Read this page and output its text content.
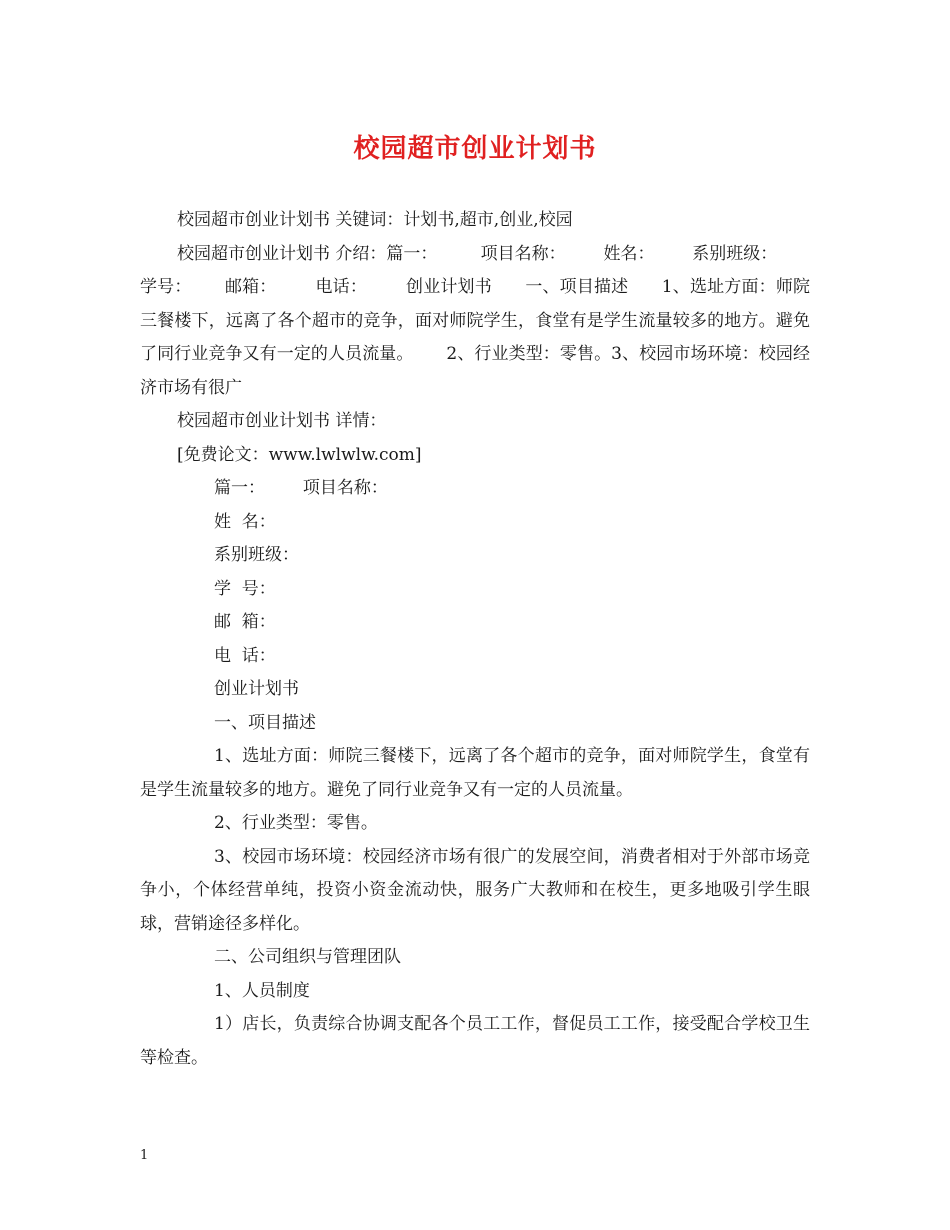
校园超市创业计划书

校园超市创业计划书 关键词：计划书,超市,创业,校园

校园超市创业计划书 介绍：篇一：        项目名称：       姓名：       系别班级：

学号：      邮箱：       电话：       创业计划书      一、项目描述      1、选址方面：师院三餐楼下，远离了各个超市的竞争，面对师院学生，食堂有是学生流量较多的地方。避免了同行业竞争又有一定的人员流量。      2、行业类型：零售。3、校园市场环境：校园经济市场有很广

校园超市创业计划书 详情：

[免费论文：www.lwlwlw.com]

篇一：       项目名称：

姓  名：

系别班级：

学  号：

邮  箱：

电  话：

创业计划书

一、项目描述

1、选址方面：师院三餐楼下，远离了各个超市的竞争，面对师院学生，食堂有是学生流量较多的地方。避免了同行业竞争又有一定的人员流量。

2、行业类型：零售。

3、校园市场环境：校园经济市场有很广的发展空间，消费者相对于外部市场竞争小，个体经营单纯，投资小资金流动快，服务广大教师和在校生，更多地吸引学生眼球，营销途径多样化。

二、公司组织与管理团队

1、人员制度

1）店长，负责综合协调支配各个员工工作，督促员工工作，接受配合学校卫生等检查。

1
